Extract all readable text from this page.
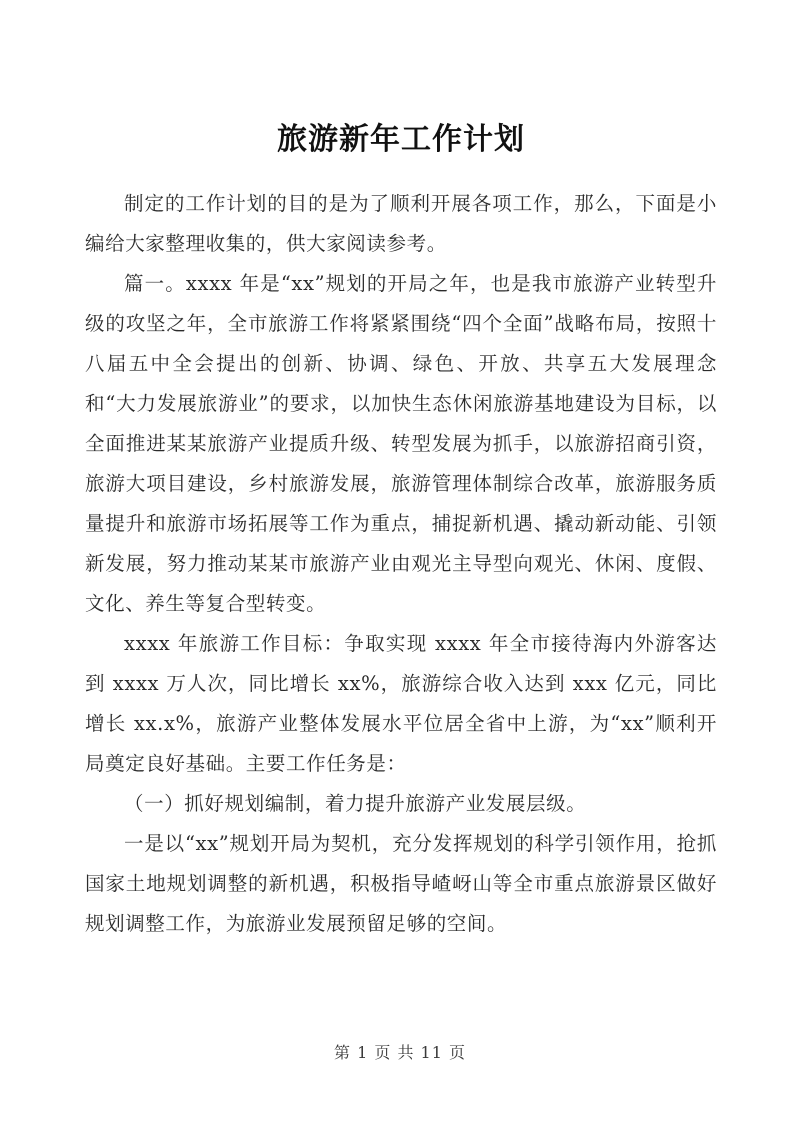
旅游新年工作计划

制定的工作计划的目的是为了顺利开展各项工作，那么，下面是小编给大家整理收集的，供大家阅读参考。

篇一。xxxx 年是“xx”规划的开局之年，也是我市旅游产业转型升级的攻坚之年，全市旅游工作将紧紧围绕“四个全面”战略布局，按照十八届五中全会提出的创新、协调、绿色、开放、共享五大发展理念和“大力发展旅游业”的要求，以加快生态休闲旅游基地建设为目标，以全面推进某某旅游产业提质升级、转型发展为抓手，以旅游招商引资，旅游大项目建设，乡村旅游发展，旅游管理体制综合改革，旅游服务质量提升和旅游市场拓展等工作为重点，捕捉新机遇、撬动新动能、引领新发展，努力推动某某市旅游产业由观光主导型向观光、休闲、度假、文化、养生等复合型转变。

xxxx 年旅游工作目标：争取实现 xxxx 年全市接待海内外游客达到 xxxx 万人次，同比增长 xx%，旅游综合收入达到 xxx 亿元，同比增长 xx.x%，旅游产业整体发展水平位居全省中上游，为“xx”顺利开局奠定良好基础。主要工作任务是：

（一）抓好规划编制，着力提升旅游产业发展层级。

一是以“xx”规划开局为契机，充分发挥规划的科学引领作用，抢抓国家土地规划调整的新机遇，积极指导嵖岈山等全市重点旅游景区做好规划调整工作，为旅游业发展预留足够的空间。

第 1 页 共 11 页
